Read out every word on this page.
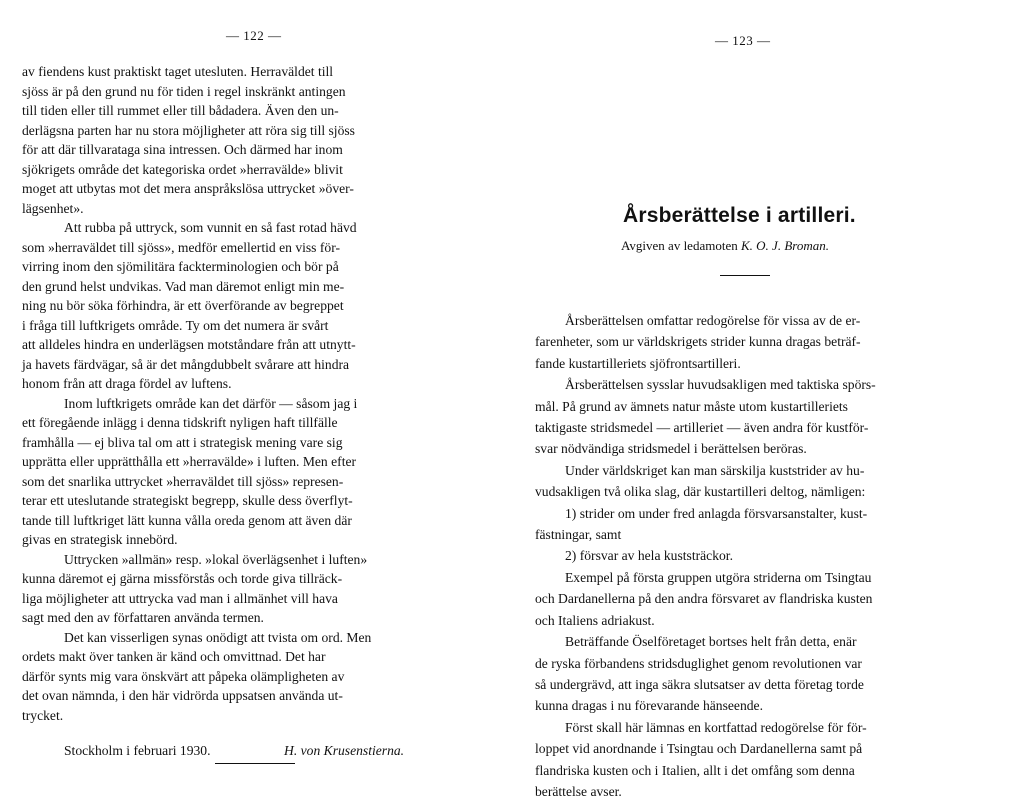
— 122 —	— 123 —
av fiendens kust praktiskt taget utesluten. Herraväldet till
sjöss är på den grund nu för tiden i regel inskränkt antingen
till tiden eller till rummet eller till bådadera. Även den un-
derlägsna parten har nu stora möjligheter att röra sig till sjöss
för att där tillvarataga sina intressen. Och därmed har inom
sjökrigets område det kategoriska ordet »herravälde» blivit
moget att utbytas mot det mera anspråkslösa uttrycket »över-
lägsenhet».
Att rubba på uttryck, som vunnit en så fast rotad hävd
som »herraväldet till sjöss», medför emellertid en viss för-
virring inom den sjömilitära fackterminologien och bör på
den grund helst undvikas. Vad man däremot enligt min me-
ning nu bör söka förhindra, är ett överförande av begreppet
i fråga till luftkrigets område. Ty om det numera är svårt
att alldeles hindra en underlägsen motståndare från att utnytt-
ja havets färdvägar, så är det mångdubbelt svårare att hindra
honom från att draga fördel av luftens.
Inom luftkrigets område kan det därför — såsom jag i
ett föregående inlägg i denna tidskrift nyligen haft tillfälle
framhålla — ej bliva tal om att i strategisk mening vare sig
upprätta eller upprätthålla ett »herravälde» i luften. Men efter
som det snarlika uttrycket »herraväldet till sjöss» represen-
terar ett uteslutande strategiskt begrepp, skulle dess överflyt-
tande till luftkriget lätt kunna vålla oreda genom att även där
givas en strategisk innebörd.
Uttrycken »allmän» resp. »lokal överlägsenhet i luften»
kunna däremot ej gärna missförstås och torde giva tillräck-
liga möjligheter att uttrycka vad man i allmänhet vill hava
sagt med den av författaren använda termen.
Det kan visserligen synas onödigt att tvista om ord. Men
ordets makt över tanken är känd och omvittnad. Det har
därför synts mig vara önskvärt att påpeka olämpligheten av
det ovan nämnda, i den här vidrörda uppsatsen använda ut-
trycket.
Stockholm i februari 1930.	H. von Krusenstierna.
Årsberättelse i artilleri.
Avgiven av ledamoten K. O. J. Broman.
Årsberättelsen omfattar redogörelse för vissa av de er-
farenheter, som ur världskrigets strider kunna dragas beträf-
fande kustartilleriets sjöfrontsartilleri.
Årsberättelsen sysslar huvudsakligen med taktiska spörs-
mål. På grund av ämnets natur måste utom kustartilleriets
taktigaste stridsmedel — artilleriet — även andra för kustför-
svar nödvändiga stridsmedel i berättelsen beröras.
Under världskriget kan man särskilja kuststrider av hu-
vudsakligen två olika slag, där kustartilleri deltog, nämligen:
1) strider om under fred anlagda försvarsanstalter, kust-
fästningar, samt
2) försvar av hela kuststräckor.
Exempel på första gruppen utgöra striderna om Tsingtau
och Dardanellerna på den andra försvaret av flandriska kusten
och Italiens adriakust.
Beträffande Öselföretaget bortses helt från detta, enär
de ryska förbandens stridsduglighet genom revolutionen var
så undergrävd, att inga säkra slutsatser av detta företag torde
kunna dragas i nu förevarande hänseende.
Först skall här lämnas en kortfattad redogörelse för för-
loppet vid anordnande i Tsingtau och Dardanellerna samt på
flandriska kusten och i Italien, allt i det omfång som denna
berättelse avser.
